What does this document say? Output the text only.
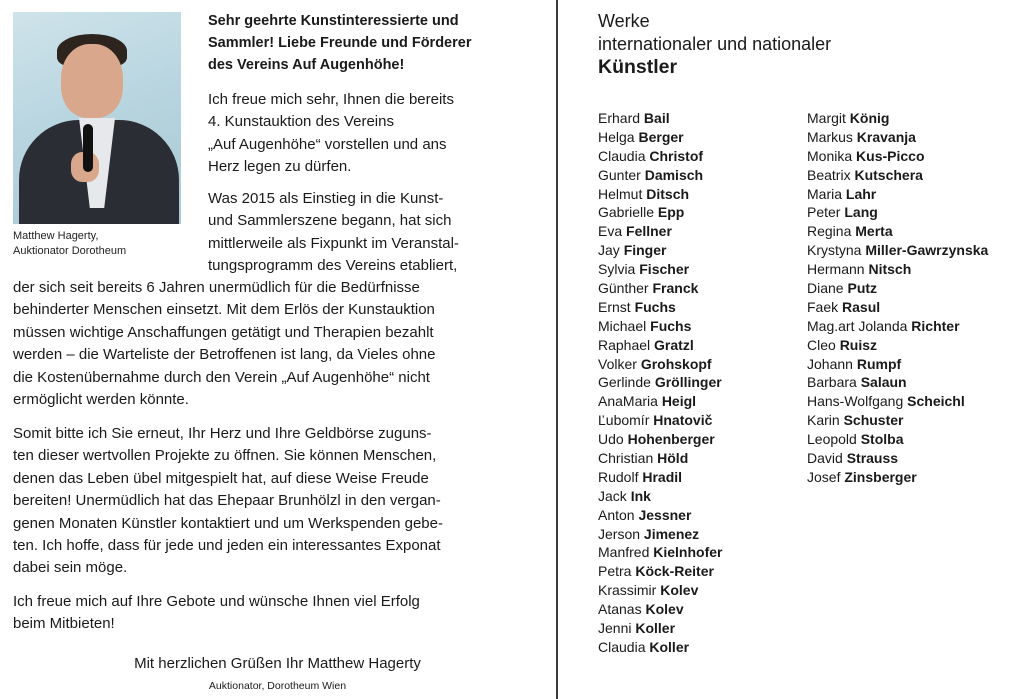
Matthew Hagerty,
Auktionator Dorotheum
Sehr geehrte Kunstinteressierte und
Sammler! Liebe Freunde und Förderer
des Vereins Auf Augenhöhe!
Ich freue mich sehr, Ihnen die bereits
4. Kunstauktion des Vereins
„Auf Augenhöhe“ vorstellen und ans
Herz legen zu dürfen.
Was 2015 als Einstieg in die Kunst-
und Sammlerszene begann, hat sich
mittlerweile als Fixpunkt im Veranstal-
tungsprogramm des Vereins etabliert,
der sich seit bereits 6 Jahren unermüdlich für die Bedürfnisse
behinderter Menschen einsetzt. Mit dem Erlös der Kunstauktion
müssen wichtige Anschaffungen getätigt und Therapien bezahlt
werden – die Warteliste der Betroffenen ist lang, da Vieles ohne
die Kostenübernahme durch den Verein „Auf Augenhöhe“ nicht
ermöglicht werden könnte.
Somit bitte ich Sie erneut, Ihr Herz und Ihre Geldbörse zuguns-
ten dieser wertvollen Projekte zu öffnen. Sie können Menschen,
denen das Leben übel mitgespielt hat, auf diese Weise Freude
bereiten! Unermüdlich hat das Ehepaar Brunhölzl in den vergan-
genen Monaten Künstler kontaktiert und um Werkspenden gebe-
ten. Ich hoffe, dass für jede und jeden ein interessantes Exponat
dabei sein möge.
Ich freue mich auf Ihre Gebote und wünsche Ihnen viel Erfolg
beim Mitbieten!
Mit herzlichen Grüßen Ihr Matthew Hagerty
Auktionator, Dorotheum Wien
Werke
internationaler und nationaler
Künstler
Erhard Bail
Helga Berger
Claudia Christof
Gunter Damisch
Helmut Ditsch
Gabrielle Epp
Eva Fellner
Jay Finger
Sylvia Fischer
Günther Franck
Ernst Fuchs
Michael Fuchs
Raphael Gratzl
Volker Grohskopf
Gerlinde Gröllinger
AnaMaria Heigl
Ľubomír Hnatovič
Udo Hohenberger
Christian Höld
Rudolf Hradil
Jack Ink
Anton Jessner
Jerson Jimenez
Manfred Kielnhofer
Petra Köck-Reiter
Krassimir Kolev
Atanas Kolev
Jenni Koller
Claudia Koller
Margit König
Markus Kravanja
Monika Kus-Picco
Beatrix Kutschera
Maria Lahr
Peter Lang
Regina Merta
Krystyna Miller-Gawrzynska
Hermann Nitsch
Diane Putz
Faek Rasul
Mag.art Jolanda Richter
Cleo Ruisz
Johann Rumpf
Barbara Salaun
Hans-Wolfgang Scheichl
Karin Schuster
Leopold Stolba
David Strauss
Josef Zinsberger
